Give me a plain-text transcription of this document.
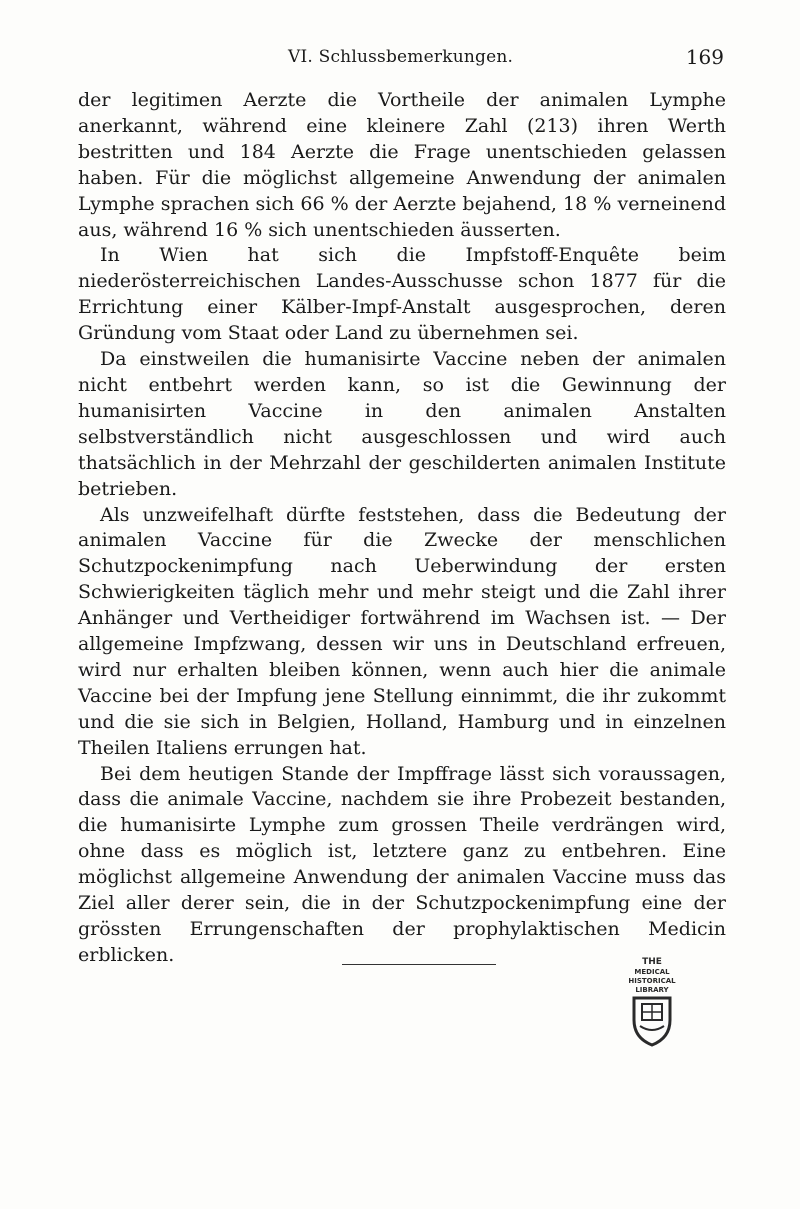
VI. Schlussbemerkungen.	169

der legitimen Aerzte die Vortheile der animalen Lymphe anerkannt, während eine kleinere Zahl (213) ihren Werth bestritten und 184 Aerzte die Frage unentschieden gelassen haben. Für die möglichst allgemeine Anwendung der animalen Lymphe sprachen sich 66 % der Aerzte bejahend, 18 % verneinend aus, während 16 % sich unentschieden äusserten.

In Wien hat sich die Impfstoff-Enquête beim niederösterreichischen Landes-Ausschusse schon 1877 für die Errichtung einer Kälber-Impf-Anstalt ausgesprochen, deren Gründung vom Staat oder Land zu übernehmen sei.

Da einstweilen die humanisirte Vaccine neben der animalen nicht entbehrt werden kann, so ist die Gewinnung der humanisirten Vaccine in den animalen Anstalten selbstverständlich nicht ausgeschlossen und wird auch thatsächlich in der Mehrzahl der geschilderten animalen Institute betrieben.

Als unzweifelhaft dürfte feststehen, dass die Bedeutung der animalen Vaccine für die Zwecke der menschlichen Schutzpockenimpfung nach Ueberwindung der ersten Schwierigkeiten täglich mehr und mehr steigt und die Zahl ihrer Anhänger und Vertheidiger fortwährend im Wachsen ist. — Der allgemeine Impfzwang, dessen wir uns in Deutschland erfreuen, wird nur erhalten bleiben können, wenn auch hier die animale Vaccine bei der Impfung jene Stellung einnimmt, die ihr zukommt und die sie sich in Belgien, Holland, Hamburg und in einzelnen Theilen Italiens errungen hat.

Bei dem heutigen Stande der Impffrage lässt sich voraussagen, dass die animale Vaccine, nachdem sie ihre Probezeit bestanden, die humanisirte Lymphe zum grossen Theile verdrängen wird, ohne dass es möglich ist, letztere ganz zu entbehren. Eine möglichst allgemeine Anwendung der animalen Vaccine muss das Ziel aller derer sein, die in der Schutzpockenimpfung eine der grössten Errungenschaften der prophylaktischen Medicin erblicken.	THE
MEDICAL
HISTORICAL
LIBRARY
